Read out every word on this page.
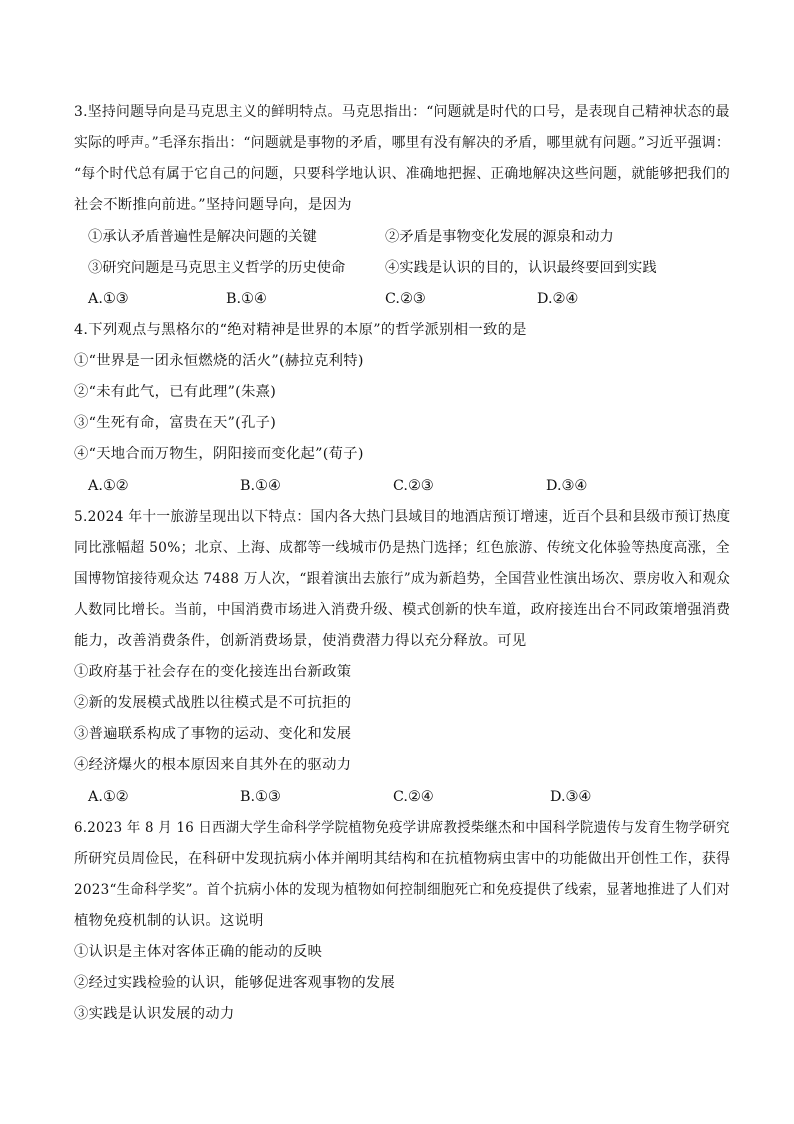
3.坚持问题导向是马克思主义的鲜明特点。马克思指出：“问题就是时代的口号，是表现自己精神状态的最
实际的呼声。”毛泽东指出：“问题就是事物的矛盾，哪里有没有解决的矛盾，哪里就有问题。”习近平强调：
“每个时代总有属于它自己的问题，只要科学地认识、准确地把握、正确地解决这些问题，就能够把我们的
社会不断推向前进。”坚持问题导向，是因为
①承认矛盾普遍性是解决问题的关键	②矛盾是事物变化发展的源泉和动力
③研究问题是马克思主义哲学的历史使命	④实践是认识的目的，认识最终要回到实践
A.①③	B.①④	C.②③	D.②④
4.下列观点与黑格尔的“绝对精神是世界的本原”的哲学派别相一致的是
①“世界是一团永恒燃烧的活火”(赫拉克利特)
②“未有此气，已有此理”(朱熹)
③“生死有命，富贵在天”(孔子)
④“天地合而万物生，阴阳接而变化起”(荀子)
A.①②	B.①④	C.②③	D.③④
5.2024 年十一旅游呈现出以下特点：国内各大热门县域目的地酒店预订增速，近百个县和县级市预订热度
同比涨幅超 50%；北京、上海、成都等一线城市仍是热门选择；红色旅游、传统文化体验等热度高涨，全
国博物馆接待观众达 7488 万人次，“跟着演出去旅行”成为新趋势，全国营业性演出场次、票房收入和观众
人数同比增长。当前，中国消费市场进入消费升级、模式创新的快车道，政府接连出台不同政策增强消费
能力，改善消费条件，创新消费场景，使消费潜力得以充分释放。可见
①政府基于社会存在的变化接连出台新政策
②新的发展模式战胜以往模式是不可抗拒的
③普遍联系构成了事物的运动、变化和发展
④经济爆火的根本原因来自其外在的驱动力
A.①②	B.①③	C.②④	D.③④
6.2023 年 8 月 16 日西湖大学生命科学学院植物免疫学讲席教授柴继杰和中国科学院遗传与发育生物学研究
所研究员周俭民，在科研中发现抗病小体并阐明其结构和在抗植物病虫害中的功能做出开创性工作，获得
2023“生命科学奖”。首个抗病小体的发现为植物如何控制细胞死亡和免疫提供了线索，显著地推进了人们对
植物免疫机制的认识。这说明
①认识是主体对客体正确的能动的反映
②经过实践检验的认识，能够促进客观事物的发展
③实践是认识发展的动力
